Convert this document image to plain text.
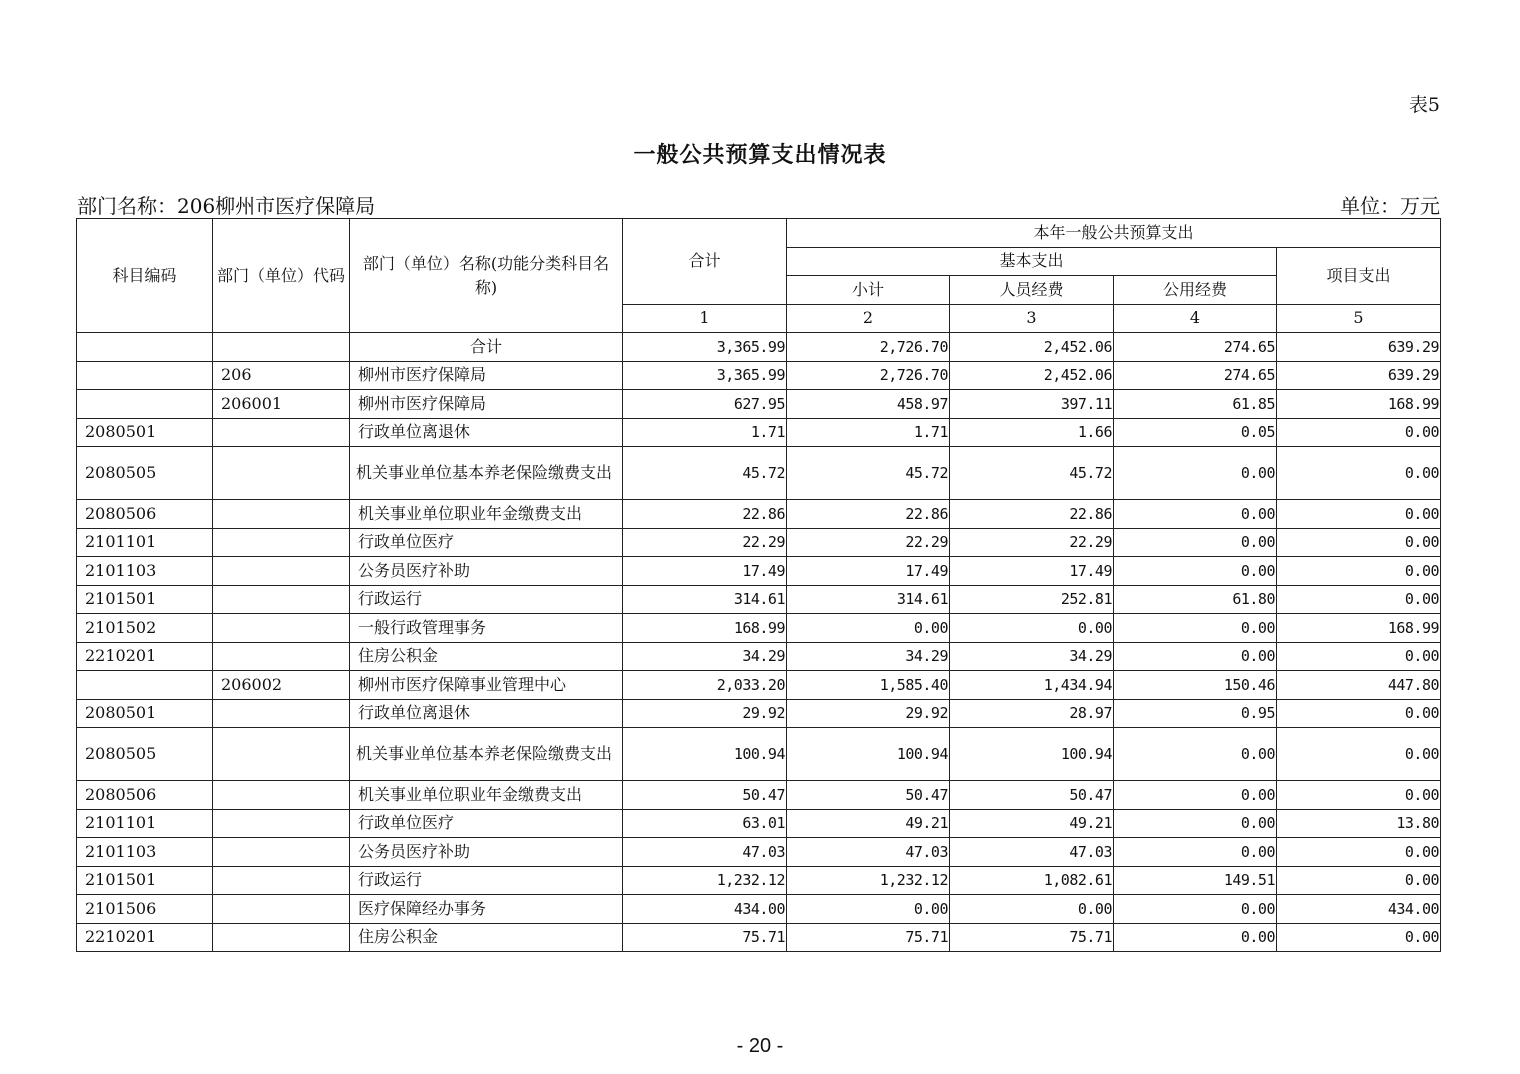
表5
一般公共预算支出情况表
部门名称：206柳州市医疗保障局	单位：万元
科目编码	部门（单位）代码	部门（单位）名称(功能分类科目名称)	合计	本年一般公共预算支出			
				基本支出			项目支出
				小计	人员经费	公用经费	
			1	2	3	4	5
		合计	3,365.99	2,726.70	2,452.06	274.65	639.29
	206	柳州市医疗保障局	3,365.99	2,726.70	2,452.06	274.65	639.29
	206001	柳州市医疗保障局	627.95	458.97	397.11	61.85	168.99
2080501		行政单位离退休	1.71	1.71	1.66	0.05	0.00
2080505		机关事业单位基本养老保险缴费支出	45.72	45.72	45.72	0.00	0.00
2080506		机关事业单位职业年金缴费支出	22.86	22.86	22.86	0.00	0.00
2101101		行政单位医疗	22.29	22.29	22.29	0.00	0.00
2101103		公务员医疗补助	17.49	17.49	17.49	0.00	0.00
2101501		行政运行	314.61	314.61	252.81	61.80	0.00
2101502		一般行政管理事务	168.99	0.00	0.00	0.00	168.99
2210201		住房公积金	34.29	34.29	34.29	0.00	0.00
	206002	柳州市医疗保障事业管理中心	2,033.20	1,585.40	1,434.94	150.46	447.80
2080501		行政单位离退休	29.92	29.92	28.97	0.95	0.00
2080505		机关事业单位基本养老保险缴费支出	100.94	100.94	100.94	0.00	0.00
2080506		机关事业单位职业年金缴费支出	50.47	50.47	50.47	0.00	0.00
2101101		行政单位医疗	63.01	49.21	49.21	0.00	13.80
2101103		公务员医疗补助	47.03	47.03	47.03	0.00	0.00
2101501		行政运行	1,232.12	1,232.12	1,082.61	149.51	0.00
2101506		医疗保障经办事务	434.00	0.00	0.00	0.00	434.00
2210201		住房公积金	75.71	75.71	75.71	0.00	0.00
- 20 -
